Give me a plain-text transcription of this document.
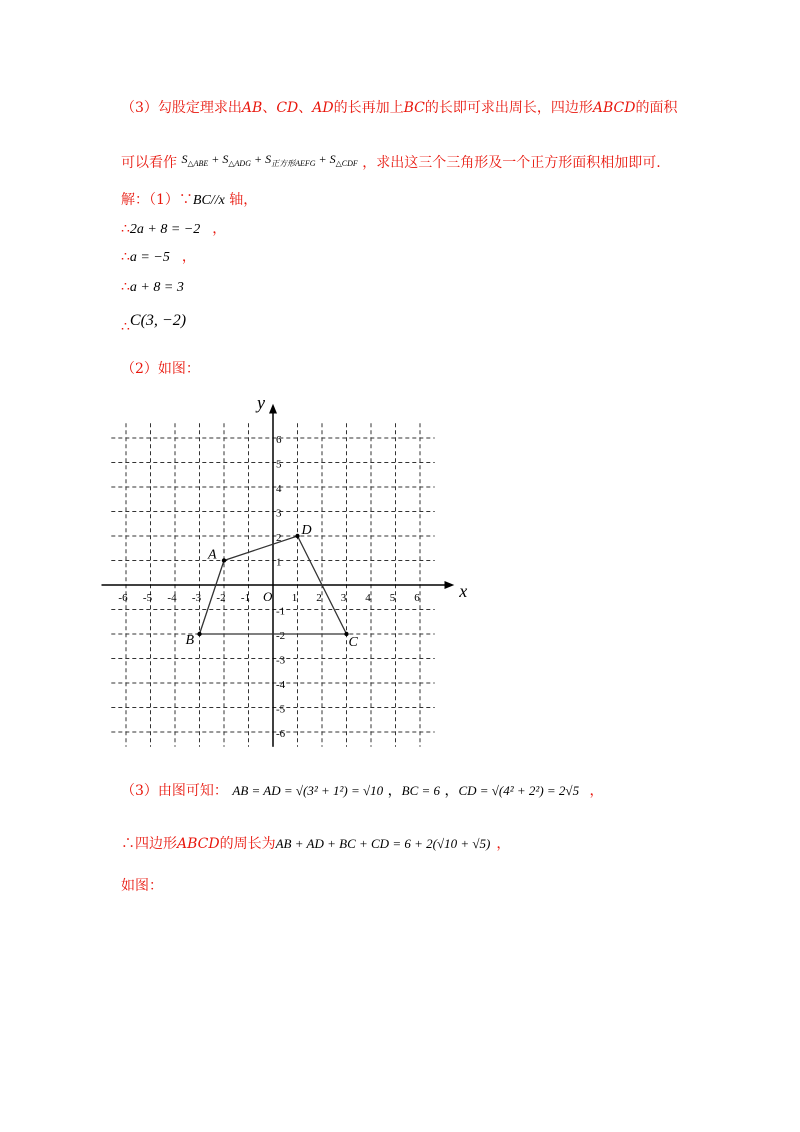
（3）勾股定理求出AB、CD、AD的长再加上BC的长即可求出周长，四边形ABCD的面积
可以看作 $S_{\triangle ABE} + S_{\triangle ADG} + S_{正方形AEFG} + S_{\triangle CDF}$ ，求出这三个三角形及一个正方形面积相加即可.
解：（1）∵BC//x 轴，
∴2a + 8 = −2 ，
∴a = −5 ，
∴a + 8 = 3
∴C(3, −2)
（2）如图：
x
y
O
-6 -5 -4 -3 -2 -1	1 2 3 4 5 6
6
5
4
3
2
1
-1
-2
-3
-4
-5
-6
A
D
C
B
（3）由图可知： AB = AD = √(3² + 1²) = √10 ，BC = 6 ，CD = √(4² + 2²) = 2√5 ，
∴四边形ABCD的周长为AB + AD + BC + CD = 6 + 2(√10 + √5) ，
如图：
